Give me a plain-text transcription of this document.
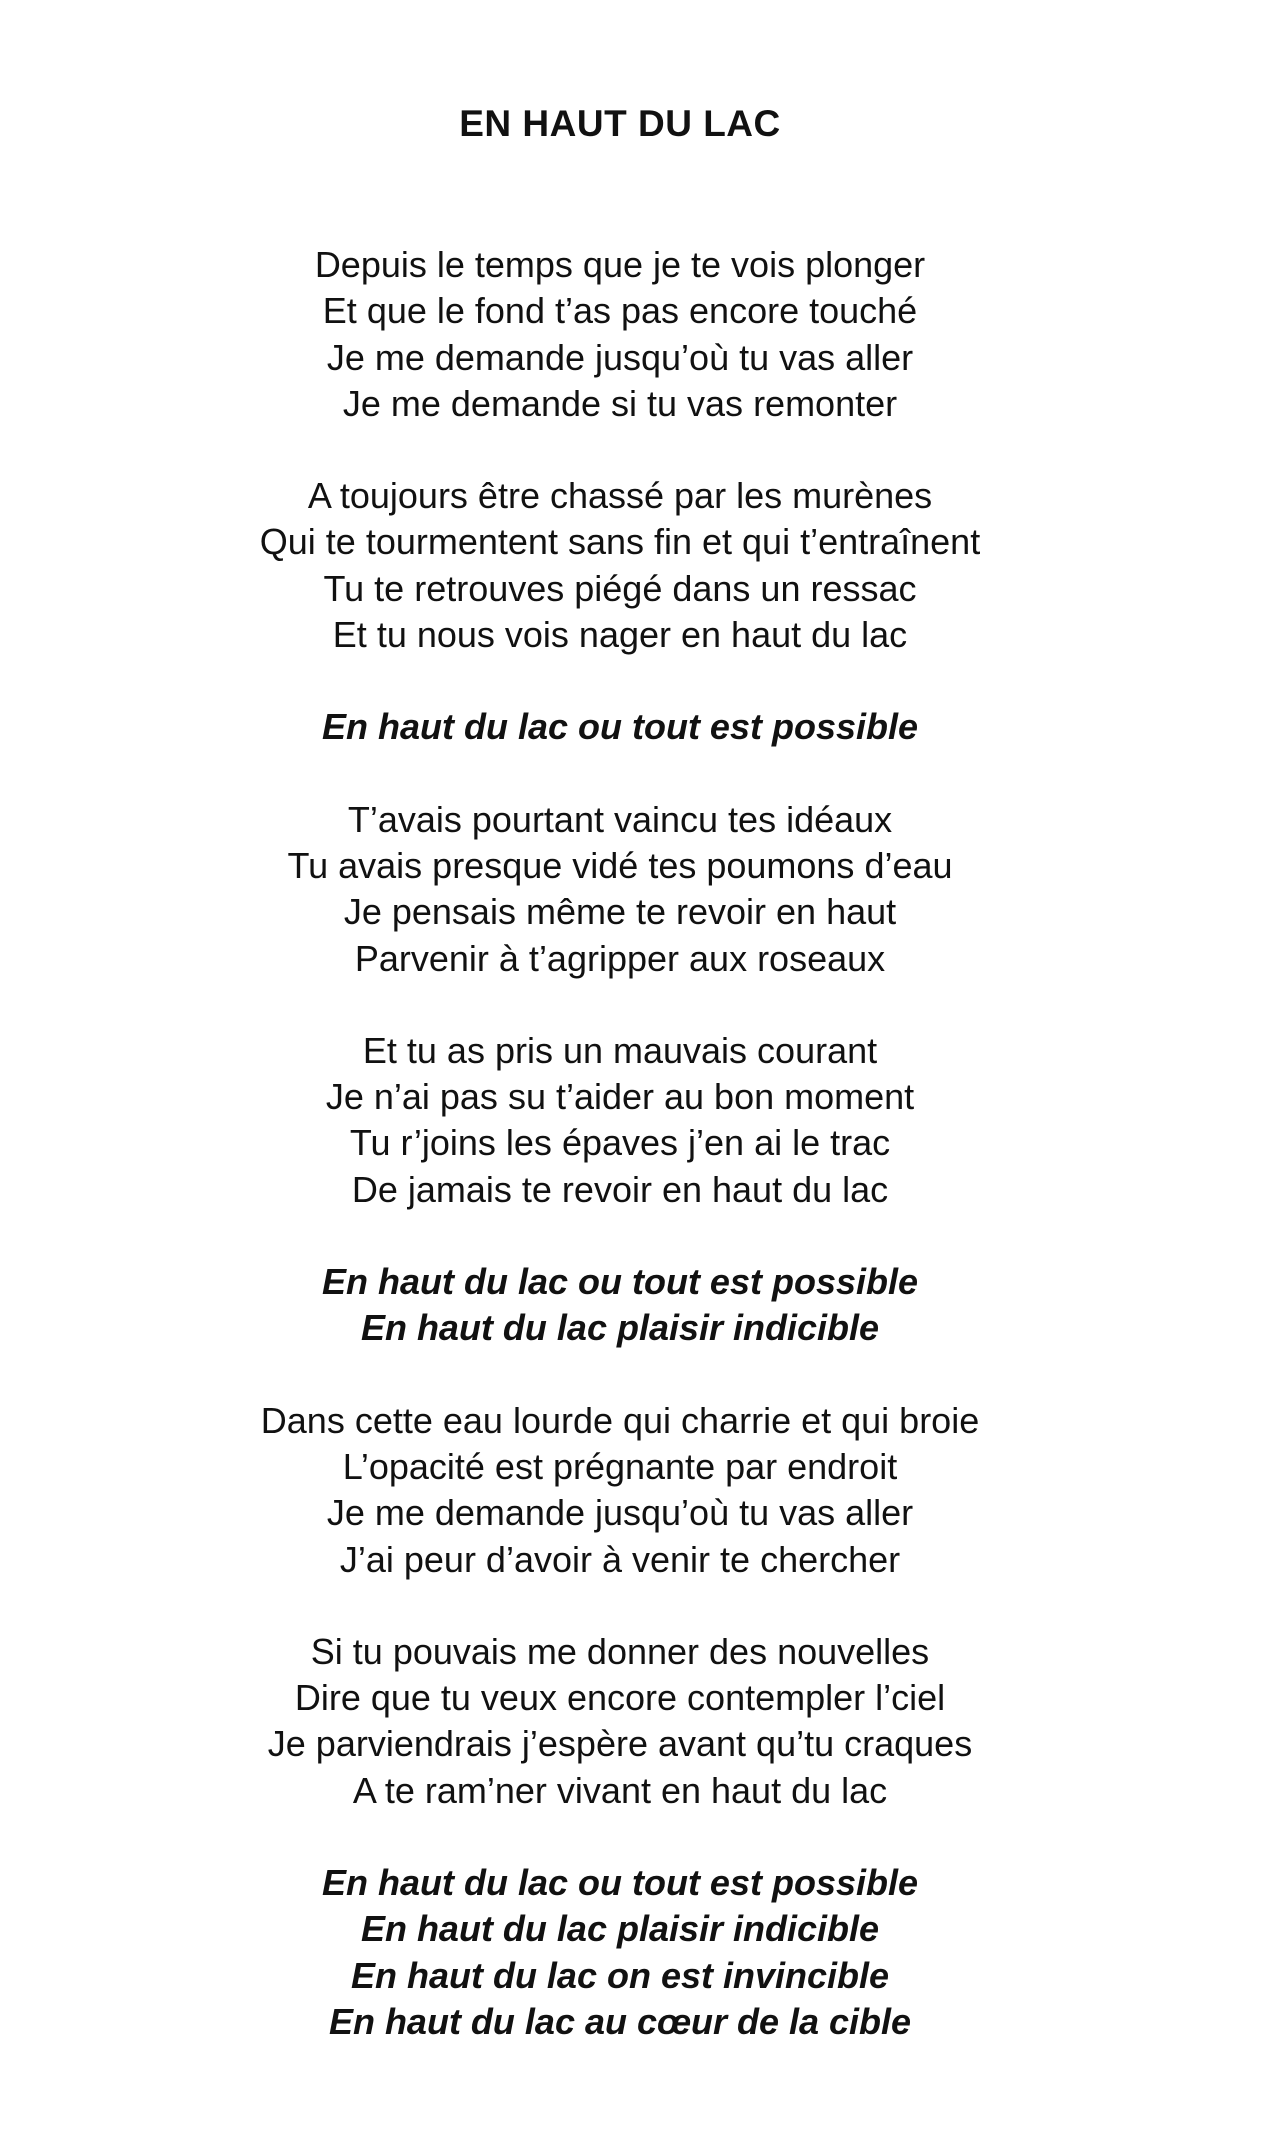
EN HAUT DU LAC
Depuis le temps que je te vois plonger
Et que le fond t’as pas encore touché
Je me demande jusqu’où tu vas aller
Je me demande si tu vas remonter
A toujours être chassé par les murènes
Qui te tourmentent sans fin et qui t’entraînent
Tu te retrouves piégé dans un ressac
Et tu nous vois nager en haut du lac
En haut du lac ou tout est possible
T’avais pourtant vaincu tes idéaux
Tu avais presque vidé tes poumons d’eau
Je pensais même te revoir en haut
Parvenir à t’agripper aux roseaux
Et tu as pris un mauvais courant
Je n’ai pas su t’aider au bon moment
Tu r’joins les épaves j’en ai le trac
De jamais te revoir en haut du lac
En haut du lac ou tout est possible
En haut du lac plaisir indicible
Dans cette eau lourde qui charrie et qui broie
L’opacité est prégnante par endroit
Je me demande jusqu’où tu vas aller
J’ai peur d’avoir à venir te chercher
Si tu pouvais me donner des nouvelles
Dire que tu veux encore contempler l’ciel
Je parviendrais j’espère avant qu’tu craques
A te ram’ner vivant en haut du lac
En haut du lac ou tout est possible
En haut du lac plaisir indicible
En haut du lac on est invincible
En haut du lac au cœur de la cible
